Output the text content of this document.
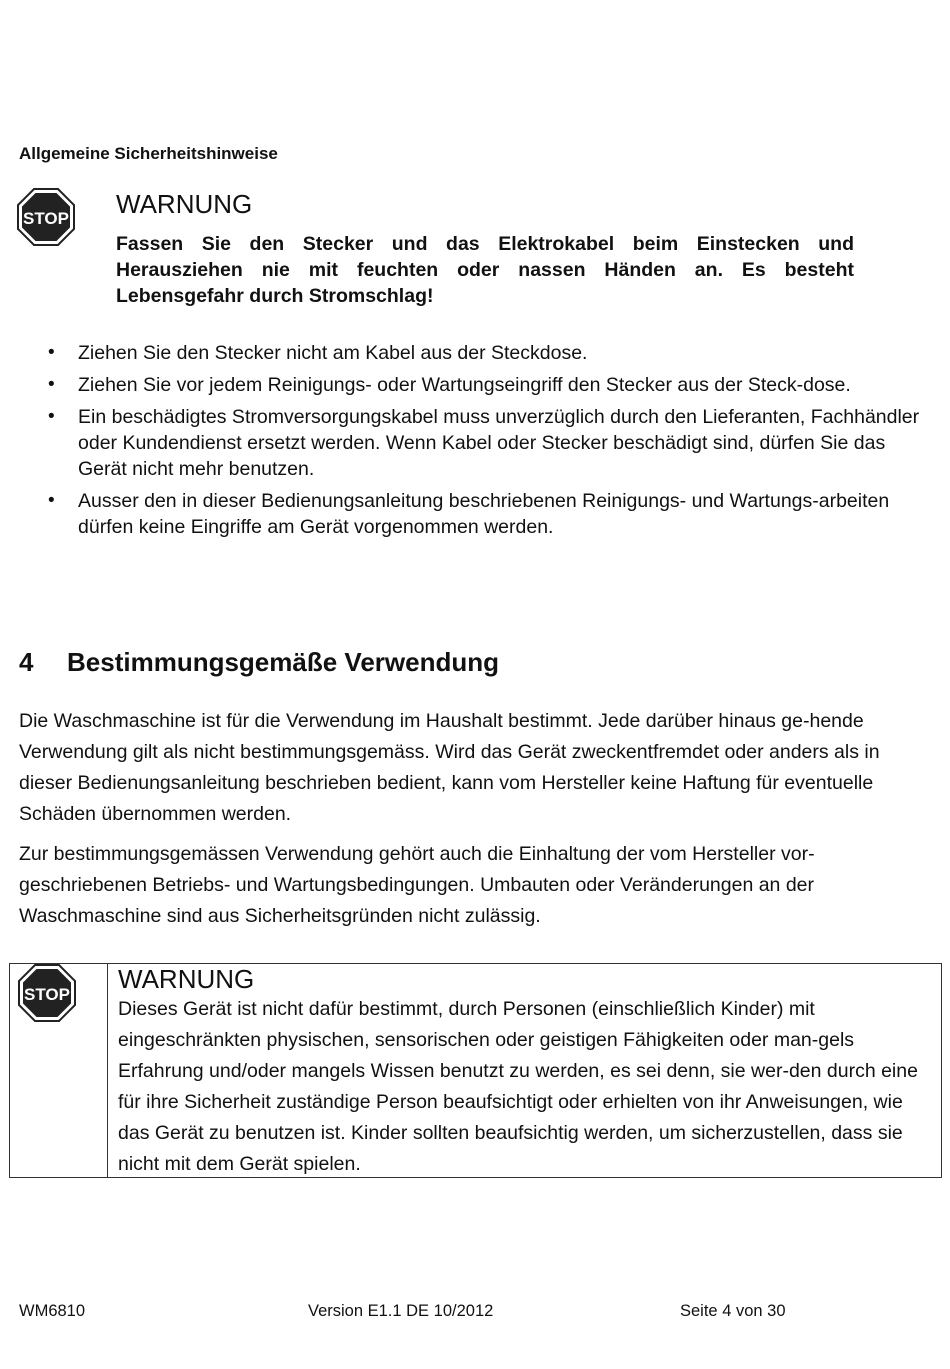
Allgemeine Sicherheitshinweise
STOP WARNUNG
Fassen Sie den Stecker und das Elektrokabel beim Einstecken und
Herausziehen nie mit feuchten oder nassen Händen an. Es besteht
Lebensgefahr durch Stromschlag!
• Ziehen Sie den Stecker nicht am Kabel aus der Steckdose.
• Ziehen Sie vor jedem Reinigungs- oder Wartungseingriff den Stecker aus der Steck-dose.
• Ein beschädigtes Stromversorgungskabel muss unverzüglich durch den Lieferanten, Fachhändler oder Kundendienst ersetzt werden. Wenn Kabel oder Stecker beschädigt sind, dürfen Sie das Gerät nicht mehr benutzen.
• Ausser den in dieser Bedienungsanleitung beschriebenen Reinigungs- und Wartungs-arbeiten dürfen keine Eingriffe am Gerät vorgenommen werden.
4 Bestimmungsgemäße Verwendung
Die Waschmaschine ist für die Verwendung im Haushalt bestimmt. Jede darüber hinaus ge-hende Verwendung gilt als nicht bestimmungsgemäss. Wird das Gerät zweckentfremdet oder anders als in dieser Bedienungsanleitung beschrieben bedient, kann vom Hersteller keine Haftung für eventuelle Schäden übernommen werden.
Zur bestimmungsgemässen Verwendung gehört auch die Einhaltung der vom Hersteller vor-geschriebenen Betriebs- und Wartungsbedingungen. Umbauten oder Veränderungen an der Waschmaschine sind aus Sicherheitsgründen nicht zulässig.
STOP
WARNUNG
Dieses Gerät ist nicht dafür bestimmt, durch Personen (einschließlich Kinder) mit eingeschränkten physischen, sensorischen oder geistigen Fähigkeiten oder man-gels Erfahrung und/oder mangels Wissen benutzt zu werden, es sei denn, sie wer-den durch eine für ihre Sicherheit zuständige Person beaufsichtigt oder erhielten von ihr Anweisungen, wie das Gerät zu benutzen ist. Kinder sollten beaufsichtig werden, um sicherzustellen, dass sie nicht mit dem Gerät spielen.
WM6810	Version E1.1 DE 10/2012	Seite 4 von 30
